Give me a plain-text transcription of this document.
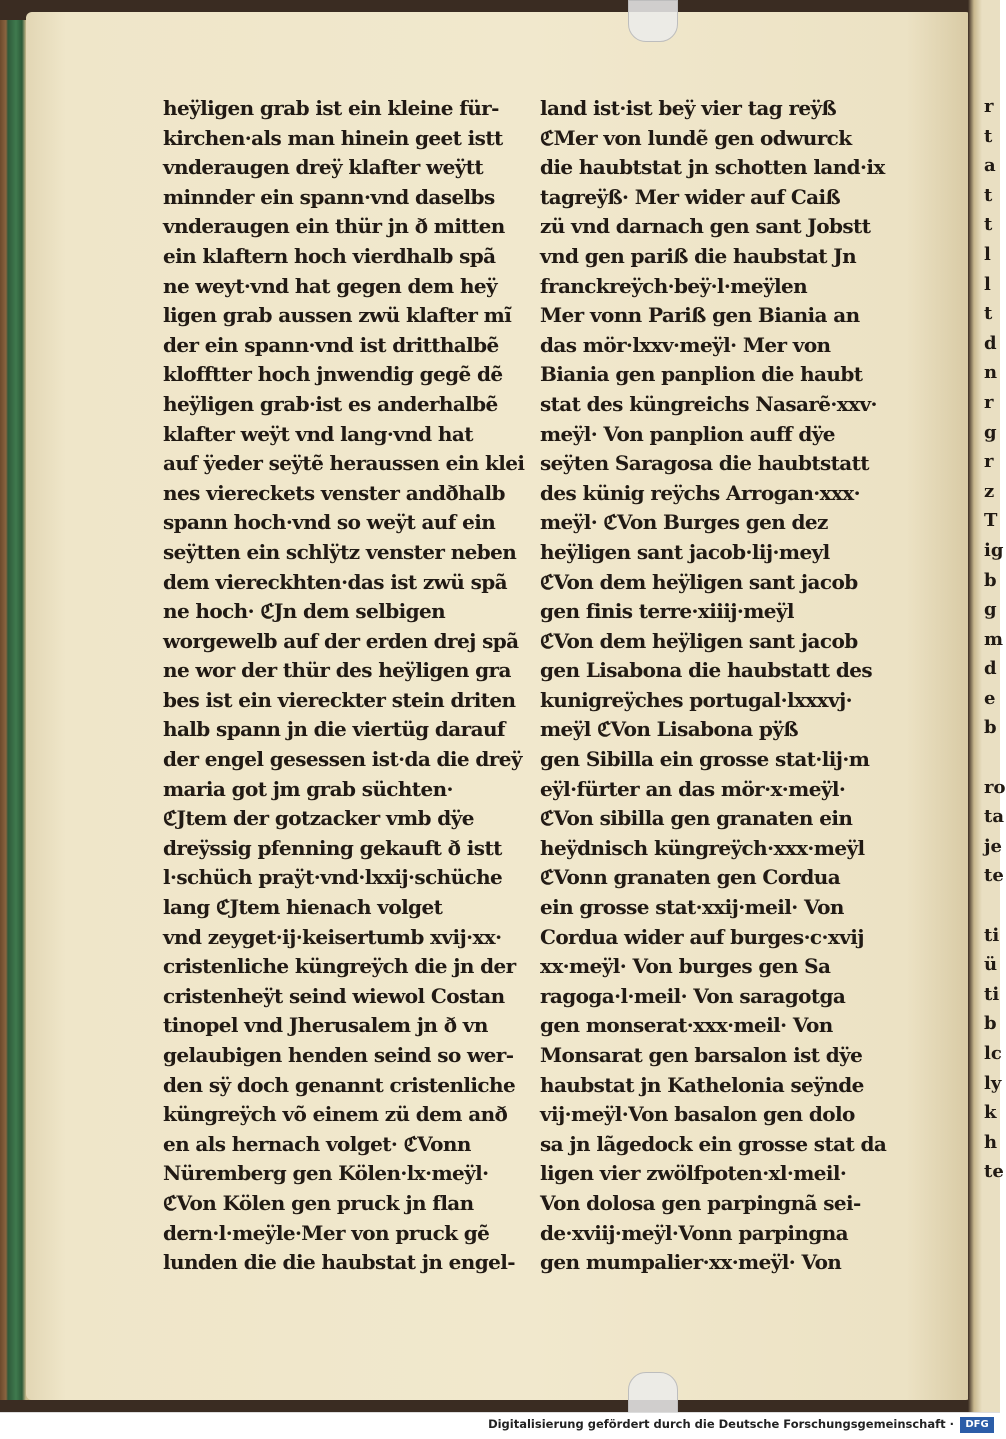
heÿligen grab ist ein kleine für-
kirchen·als man hinein geet istt
vnderaugen dreÿ klafter weÿtt
minnder ein spann·vnd daselbs
vnderaugen ein thür jn ð mitten
ein klaftern hoch vierdhalb spã
ne weyt·vnd hat gegen dem heÿ
ligen grab aussen zwü klafter mĩ
der ein spann·vnd ist dritthalbẽ
klofftter hoch jnwendig gegẽ dẽ
heÿligen grab·ist es anderhalbẽ
klafter weÿt vnd lang·vnd hat
auf ÿeder seÿtẽ heraussen ein klei
nes viereckets venster andðhalb
spann hoch·vnd so weÿt auf ein
seÿtten ein schlÿtz venster neben
dem viereckhten·das ist zwü spã
ne hoch· ℭJn dem selbigen
worgewelb auf der erden drej spã
ne wor der thür des heÿligen gra
bes ist ein viereckter stein driten
halb spann jn die viertüg darauf
der engel gesessen ist·da die dreÿ
maria got jm grab süchten·
ℭJtem der gotzacker vmb dÿe
dreÿssig pfenning gekauft ð istt
l·schüch praÿt·vnd·lxxij·schüche
lang ℭJtem hienach volget
vnd zeyget·ij·keisertumb xvij·xx·
cristenliche küngreÿch die jn der
cristenheÿt seind wiewol Costan
tinopel vnd Jherusalem jn ð vn
gelaubigen henden seind so wer-
den sÿ doch genannt cristenliche
küngreÿch võ einem zü dem anð
en als hernach volget· ℭVonn
Nüremberg gen Kölen·lx·meÿl·
ℭVon Kölen gen pruck jn flan
dern·l·meÿle·Mer von pruck gẽ
lunden die die haubstat jn engel-
land ist·ist beÿ vier tag reÿß
ℭMer von lundẽ gen odwurck
die haubtstat jn schotten land·ix
tagreÿß· Mer wider auf Caiß
zü vnd darnach gen sant Jobstt
vnd gen pariß die haubstat Jn
franckreÿch·beÿ·l·meÿlen
Mer vonn Pariß gen Biania an
das mör·lxxv·meÿl· Mer von
Biania gen panplion die haubt
stat des küngreichs Nasarẽ·xxv·
meÿl· Von panplion auff dÿe
seÿten Saragosa die haubtstatt
des künig reÿchs Arrogan·xxx·
meÿl· ℭVon Burges gen dez
heÿligen sant jacob·lij·meyl
ℭVon dem heÿligen sant jacob
gen finis terre·xiiij·meÿl
ℭVon dem heÿligen sant jacob
gen Lisabona die haubstatt des
kunigreÿches portugal·lxxxvj·
meÿl ℭVon Lisabona pÿß
gen Sibilla ein grosse stat·lij·m
eÿl·fürter an das mör·x·meÿl·
ℭVon sibilla gen granaten ein
heÿdnisch küngreÿch·xxx·meÿl
ℭVonn granaten gen Cordua
ein grosse stat·xxij·meil· Von
Cordua wider auf burges·c·xvij
xx·meÿl· Von burges gen Sa
ragoga·l·meil· Von saragotga
gen monserat·xxx·meil· Von
Monsarat gen barsalon ist dÿe
haubstat jn Kathelonia seÿnde
vij·meÿl·Von basalon gen dolo
sa jn lãgedock ein grosse stat da
ligen vier zwölfpoten·xl·meil·
Von dolosa gen parpingnã sei-
de·xviij·meÿl·Vonn parpingna
gen mumpalier·xx·meÿl· Von
r
t
a
t
t
l
l
t
d
n
r
g
r
z
T
ig
b
g
m
d
e
b
ro
ta
je
te
ti
ü
ti
b
lc
ly
k
h
te
Digitalisierung gefördert durch die Deutsche Forschungsgemeinschaft ·	DFG
